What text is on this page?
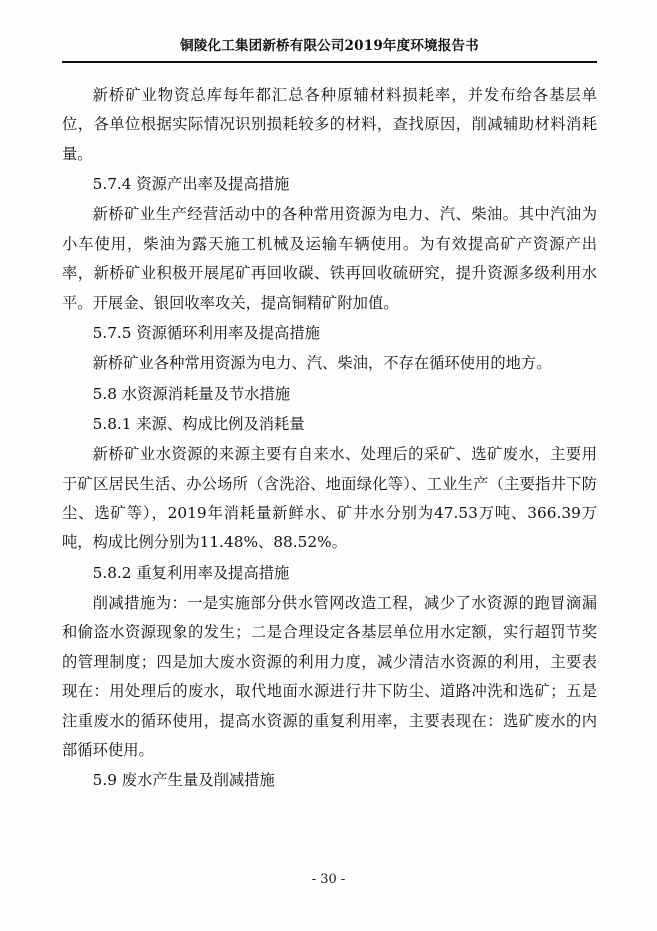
铜陵化工集团新桥有限公司2019年度环境报告书

新桥矿业物资总库每年都汇总各种原辅材料损耗率，并发布给各基层单位，各单位根据实际情况识别损耗较多的材料，查找原因，削减辅助材料消耗量。

5.7.4 资源产出率及提高措施

新桥矿业生产经营活动中的各种常用资源为电力、汽、柴油。其中汽油为小车使用，柴油为露天施工机械及运输车辆使用。为有效提高矿产资源产出率，新桥矿业积极开展尾矿再回收碳、铁再回收硫研究，提升资源多级利用水平。开展金、银回收率攻关，提高铜精矿附加值。

5.7.5 资源循环利用率及提高措施

新桥矿业各种常用资源为电力、汽、柴油，不存在循环使用的地方。

5.8 水资源消耗量及节水措施

5.8.1 来源、构成比例及消耗量

新桥矿业水资源的来源主要有自来水、处理后的采矿、选矿废水，主要用于矿区居民生活、办公场所（含洗浴、地面绿化等）、工业生产（主要指井下防尘、选矿等），2019年消耗量新鲜水、矿井水分别为47.53万吨、366.39万吨，构成比例分别为11.48%、88.52%。

5.8.2 重复利用率及提高措施

削减措施为：一是实施部分供水管网改造工程，减少了水资源的跑冒滴漏和偷盗水资源现象的发生；二是合理设定各基层单位用水定额，实行超罚节奖的管理制度；四是加大废水资源的利用力度，减少清洁水资源的利用，主要表现在：用处理后的废水，取代地面水源进行井下防尘、道路冲洗和选矿；五是注重废水的循环使用，提高水资源的重复利用率，主要表现在：选矿废水的内部循环使用。

5.9 废水产生量及削减措施

- 30 -
